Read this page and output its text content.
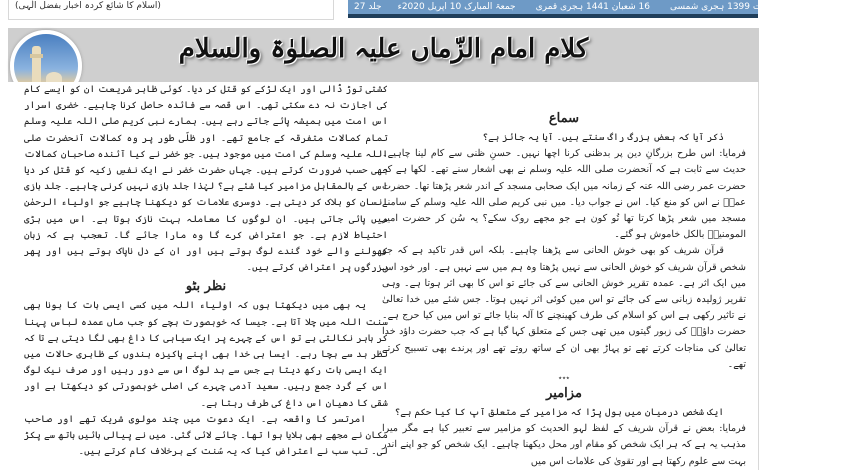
(اسلام کا شائع کردہ اخبار بفضل الٰہی)	جلد 27	جمعۃ المبارک 10 اپریل 2020ء	16 شعبان 1441 ہجری قمری	10 شہادت 1399 ہجری شمسی	شمارہ 29
کلام امام الزّماں علیہ الصلوٰۃ والسلام
سماع

ذکر آیا کہ بعض بزرگ راگ سنتے ہیں۔ آیا یہ جائز ہے؟

فرمایا: اس طرح بزرگانِ دین پر بدظنی کرنا اچھا نہیں۔ حسنِ ظنی سے کام لینا چاہیے۔ حدیث سے ثابت ہے کہ آنحضرت صلی اللہ علیہ وسلم نے بھی اشعار سنے تھے۔ لکھا ہے کہ حضرت عمر رضی اللہ عنہ کے زمانہ میں ایک صحابی مسجد کے اندر شعر پڑھتا تھا۔ حضرت عمرؓ نے اس کو منع کیا۔ اس نے جواب دیا۔ میں نبی کریم صلی اللہ علیہ وسلم کے سامنے مسجد میں شعر پڑھا کرتا تھا تُو کون ہے جو مجھے روک سکے؟ یہ سُن کر حضرت امیر المومنینؓ بالکل خاموش ہو گئے۔

قرآن شریف کو بھی خوش الحانی سے پڑھنا چاہیے۔ بلکہ اس قدر تاکید ہے کہ جو شخص قرآن شریف کو خوش الحانی سے نہیں پڑھتا وہ ہم میں سے نہیں ہے۔ اور خود اس میں ایک اثر ہے۔ عمدہ تقریر خوش الحانی سے کی جائے تو اس کا بھی اثر ہوتا ہے۔ وہی تقریر ژولیدہ زبانی سے کی جائے تو اس میں کوئی اثر نہیں ہوتا۔ جس شئے میں خدا تعالیٰ نے تاثیر رکھی ہے اس کو اسلام کی طرف کھینچنے کا آلہ بنایا جائے تو اس میں کیا حرج ہے۔ حضرت داؤدؑ کی زبور گیتوں میں تھی جس کے متعلق کہا گیا ہے کہ جب حضرت داؤد خدا تعالیٰ کی مناجات کرتے تھے تو پہاڑ بھی ان کے ساتھ روتے تھے اور پرندے بھی تسبیح کرتے تھے۔

٭٭٭
مزامیر

ایک شخص درمیان میں بول پڑا کہ مزامیر کے متعلق آپ کا کیا حکم ہے؟

فرمایا: بعض نے قرآن شریف کے لفظ لہو الحدیث کو مزامیر سے تعبیر کیا ہے مگر میرا مذہب یہ ہے کہ ہر ایک شخص کو مقام اور محل دیکھنا چاہیے۔ ایک شخص کو جو اپنے اندر بہت سے علوم رکھتا ہے اور تقویٰ کی علامات اس میں

کشتی توڑ ڈالی اور ایک لڑکے کو قتل کر دیا۔ کوئی ظاہر شریعت ان کو ایسے کام کی اجازت نہ دے سکتی تھی۔ اس قصہ سے فائدہ حاصل کرنا چاہیے۔ خضری اسرار اس امت میں ہمیشہ پائے جاتے رہے ہیں۔ ہمارے نبی کریم صلی اللہ علیہ وسلم تمام کمالات متفرقہ کے جامع تھے۔ اور ظلّی طور پر وہ کمالات آنحضرت صلی اللہ علیہ وسلم کی امت میں موجود ہیں۔ جو خضر نے کیا آئندہ صاحبان کمالات بھی حسب ضرورت کرتے ہیں۔ جہاں حضرت خضر نے ایک نفسِ زکیہ کو قتل کر دیا اس کے بالمقابل مزامیر کیا شئے ہے؟ لہٰذا جلد بازی نہیں کرنی چاہیے۔ جلد بازی انسان کو ہلاک کر دیتی ہے۔ دوسری علامات کو دیکھنا چاہیے جو اولیاء الرحمٰن میں پائی جاتی ہیں۔ ان لوگوں کا معاملہ بہت نازک ہوتا ہے۔ اس میں بڑی احتیاط لازم ہے۔ جو اعتراض کرے گا وہ مارا جائے گا۔ تعجب ہے کہ زبان کھولنے والے خود گندے لوگ ہوتے ہیں اور ان کے دل ناپاک ہوتے ہیں اور پھر بزرگوں پر اعتراض کرتے ہیں۔

نظر بٹو

یہ بھی میں دیکھتا ہوں کہ اولیاء اللہ میں کسی ایسی بات کا ہونا بھی سنت اللہ میں چلا آتا ہے۔ جیسا کہ خوبصورت بچے کو جب ماں عمدہ لباس پہنا کر باہر نکالتی ہے تو اس کے چہرے پر ایک سیاہی کا داغ بھی لگا دیتی ہے تا کہ نظر بد سے بچا رہے۔ ایسا ہی خدا بھی اپنے پاکیزہ بندوں کے ظاہری حالات میں ایک ایسی بات رکھ دیتا ہے جس سے بد لوگ اس سے دور رہیں اور صرف نیک لوگ اس کے گرد جمع رہیں۔ سعید آدمی چہرے کی اصلی خوبصورتی کو دیکھتا ہے اور شقی کا دھیان اس داغ کی طرف رہتا ہے۔

امرتسر کا واقعہ ہے۔ ایک دعوت میں چند مولوی شریک تھے اور صاحب مکان نے مجھے بھی بلایا ہوا تھا۔ چائے لائی گئی۔ میں نے پیالی بائیں ہاتھ سے پکڑ لی۔ تب سب نے اعتراض کیا کہ یہ سُنت کے برخلاف کام کرتے ہیں۔
